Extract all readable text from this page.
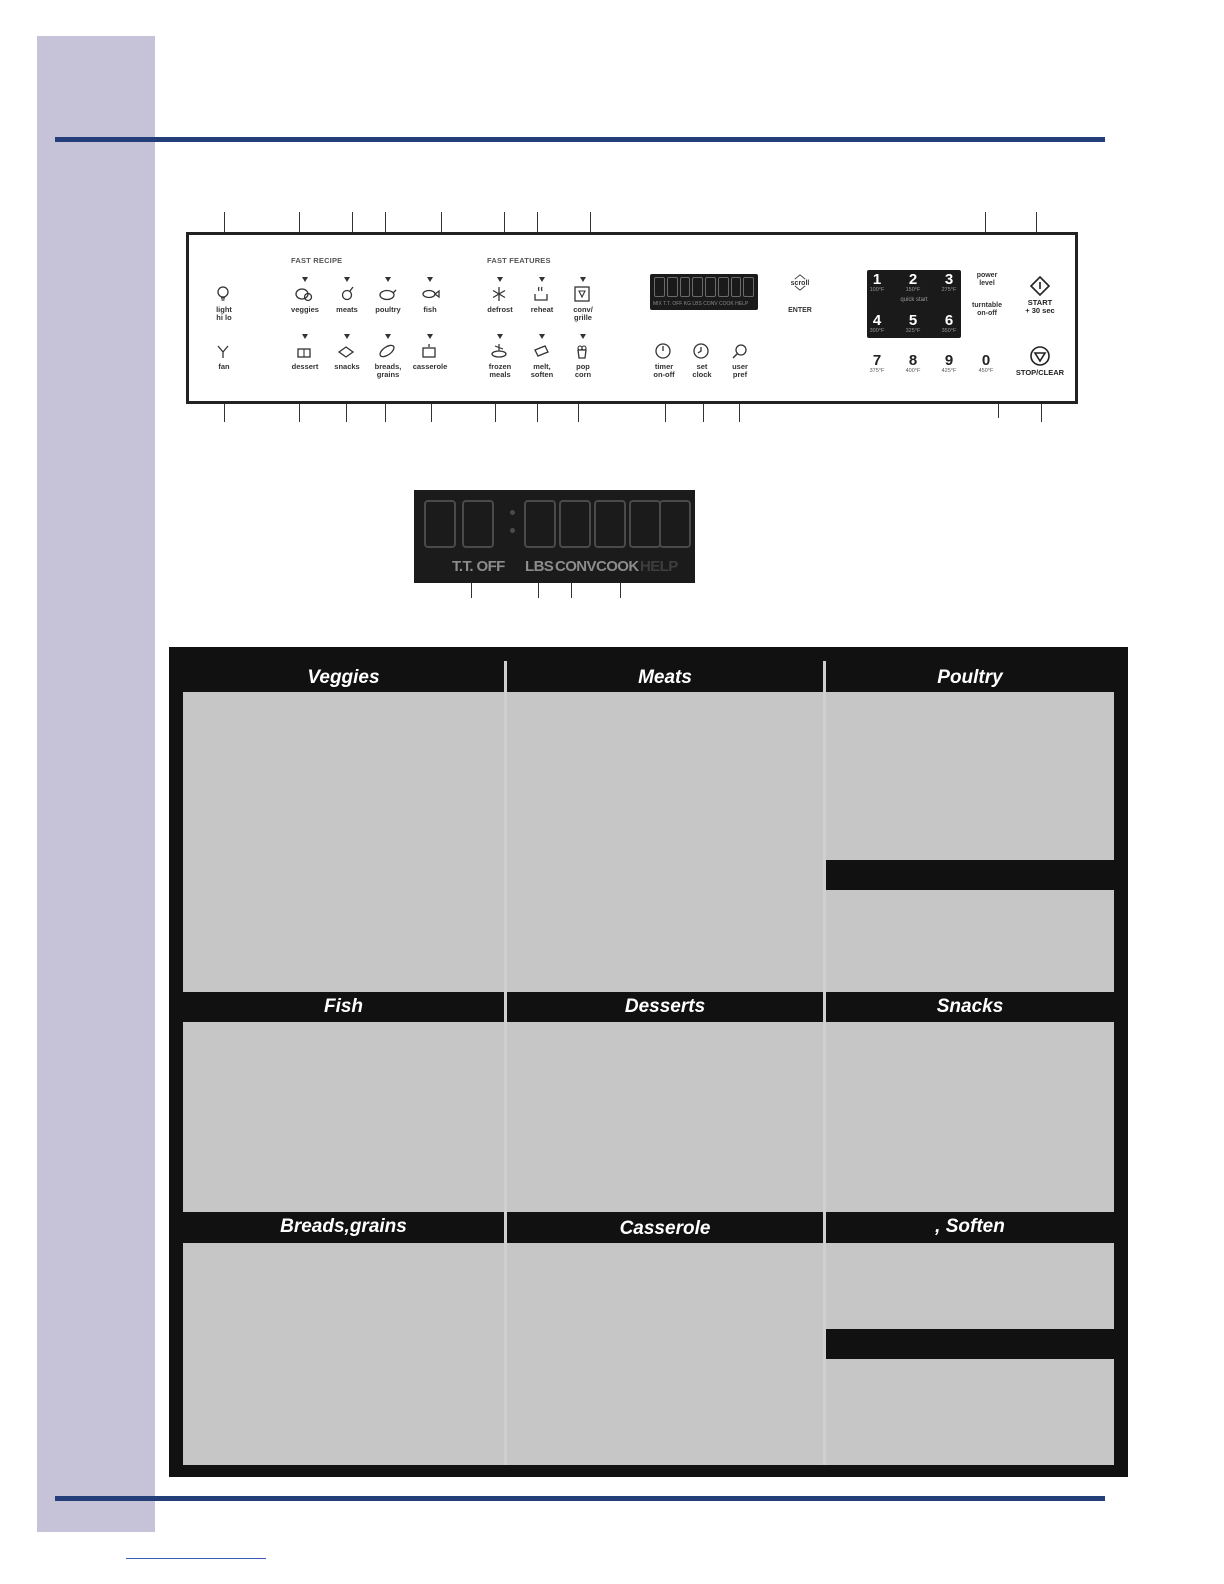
FAST RECIPE	FAST FEATURES
MIX T.T. OFF KG LBS CONV COOK HELP
︿
scroll
﹀
ENTER
quick start
power
level
turntable
on-off
START
+ 30 sec
STOP/CLEAR
T.T. OFF LBS CONV COOK HELP
Veggies	Meats	Poultry
Fish	Desserts	Snacks
Breads,grains	Casserole	, Soften
light
hi lo
veggies	meats	poultry	fish	defrost	reheat	conv/
grille
fan	dessert	snacks	breads,
grains
casserole	frozen
meals
melt,
soften
pop
corn
timer
on-off
set
clock
user
pref
1
100°F
2
150°F
3
275°F
4
300°F
5
325°F
6
350°F
7
375°F
8
400°F
9
425°F
0
450°F
